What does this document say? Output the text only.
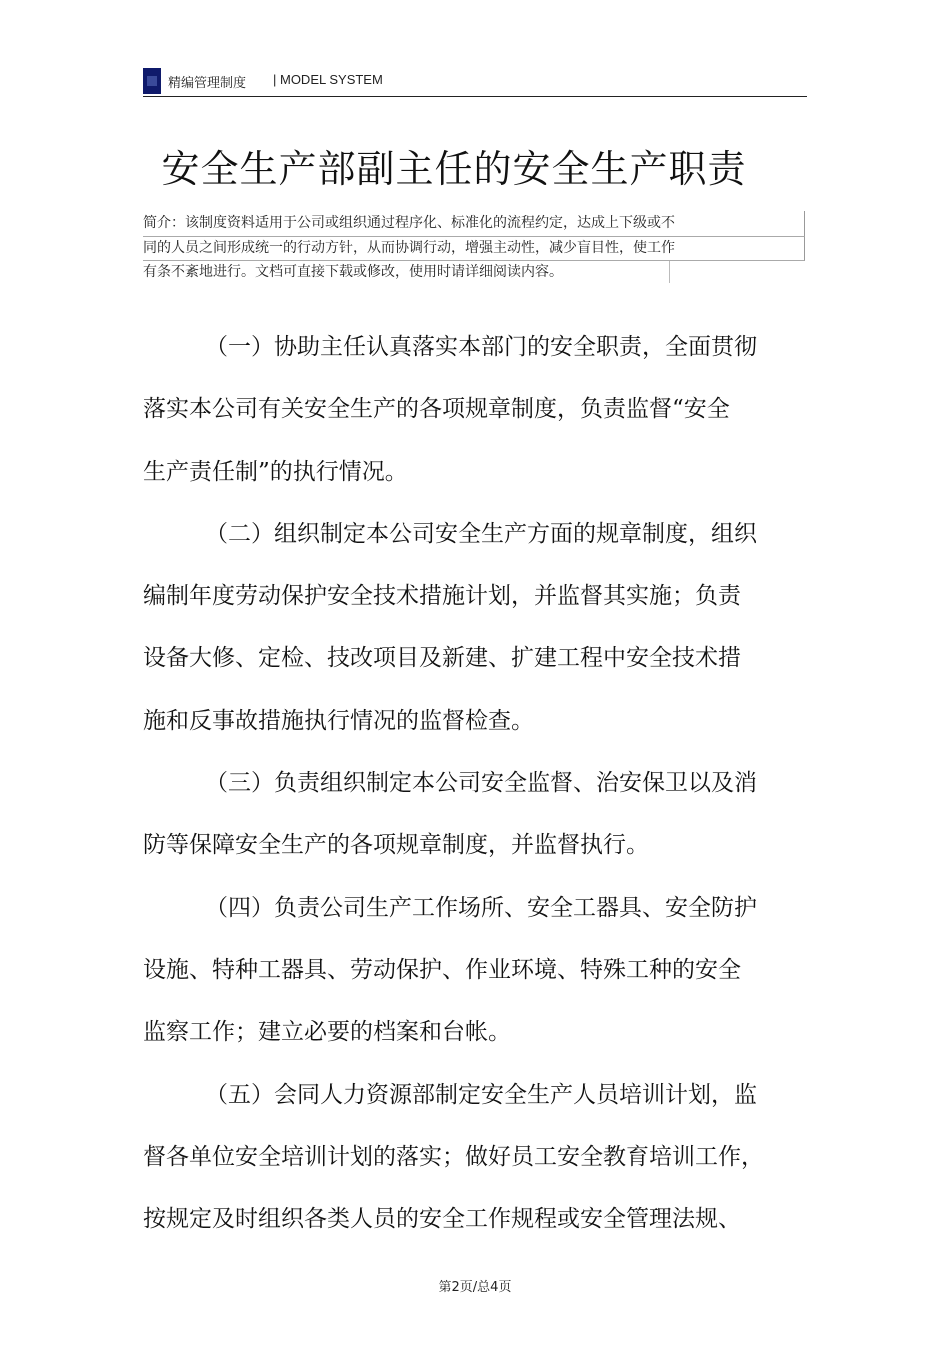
精编管理制度 | MODEL SYSTEM
安全生产部副主任的安全生产职责
简介：该制度资料适用于公司或组织通过程序化、标准化的流程约定，达成上下级或不
同的人员之间形成统一的行动方针，从而协调行动，增强主动性，减少盲目性，使工作
有条不紊地进行。文档可直接下载或修改，使用时请详细阅读内容。
（一）协助主任认真落实本部门的安全职责，全面贯彻
落实本公司有关安全生产的各项规章制度，负责监督“安全
生产责任制”的执行情况。
（二）组织制定本公司安全生产方面的规章制度，组织
编制年度劳动保护安全技术措施计划，并监督其实施；负责
设备大修、定检、技改项目及新建、扩建工程中安全技术措
施和反事故措施执行情况的监督检查。
（三）负责组织制定本公司安全监督、治安保卫以及消
防等保障安全生产的各项规章制度，并监督执行。
（四）负责公司生产工作场所、安全工器具、安全防护
设施、特种工器具、劳动保护、作业环境、特殊工种的安全
监察工作；建立必要的档案和台帐。
（五）会同人力资源部制定安全生产人员培训计划，监
督各单位安全培训计划的落实；做好员工安全教育培训工作，
按规定及时组织各类人员的安全工作规程或安全管理法规、
第2页/总4页
